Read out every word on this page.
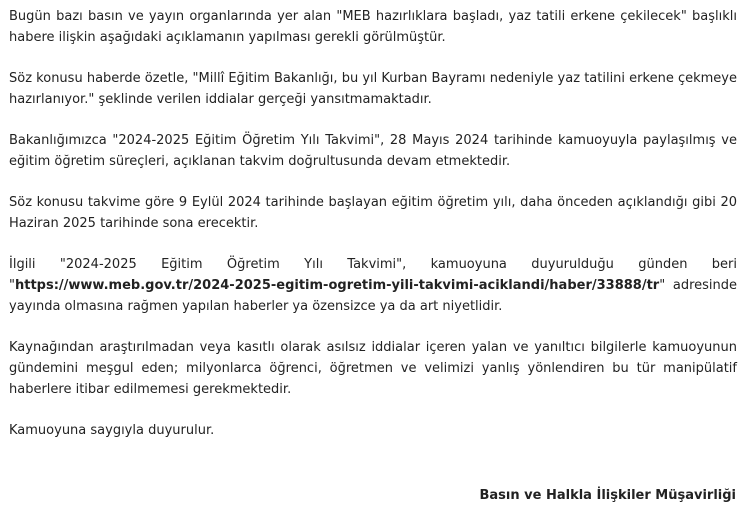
Bugün bazı basın ve yayın organlarında yer alan "MEB hazırlıklara başladı, yaz tatili erkene çekilecek" başlıklı habere ilişkin aşağıdaki açıklamanın yapılması gerekli görülmüştür.

Söz konusu haberde özetle, "Millî Eğitim Bakanlığı, bu yıl Kurban Bayramı nedeniyle yaz tatilini erkene çekmeye hazırlanıyor." şeklinde verilen iddialar gerçeği yansıtmamaktadır.

Bakanlığımızca "2024-2025 Eğitim Öğretim Yılı Takvimi", 28 Mayıs 2024 tarihinde kamuoyuyla paylaşılmış ve eğitim öğretim süreçleri, açıklanan takvim doğrultusunda devam etmektedir.

Söz konusu takvime göre 9 Eylül 2024 tarihinde başlayan eğitim öğretim yılı, daha önceden açıklandığı gibi 20 Haziran 2025 tarihinde sona erecektir.

İlgili "2024-2025 Eğitim Öğretim Yılı Takvimi", kamuoyuna duyurulduğu günden beri "https://www.meb.gov.tr/2024-2025-egitim-ogretim-yili-takvimi-aciklandi/haber/33888/tr" adresinde yayında olmasına rağmen yapılan haberler ya özensizce ya da art niyetlidir.

Kaynağından araştırılmadan veya kasıtlı olarak asılsız iddialar içeren yalan ve yanıltıcı bilgilerle kamuoyunun gündemini meşgul eden; milyonlarca öğrenci, öğretmen ve velimizi yanlış yönlendiren bu tür manipülatif haberlere itibar edilmemesi gerekmektedir.

Kamuoyuna saygıyla duyurulur.

Basın ve Halkla İlişkiler Müşavirliği
